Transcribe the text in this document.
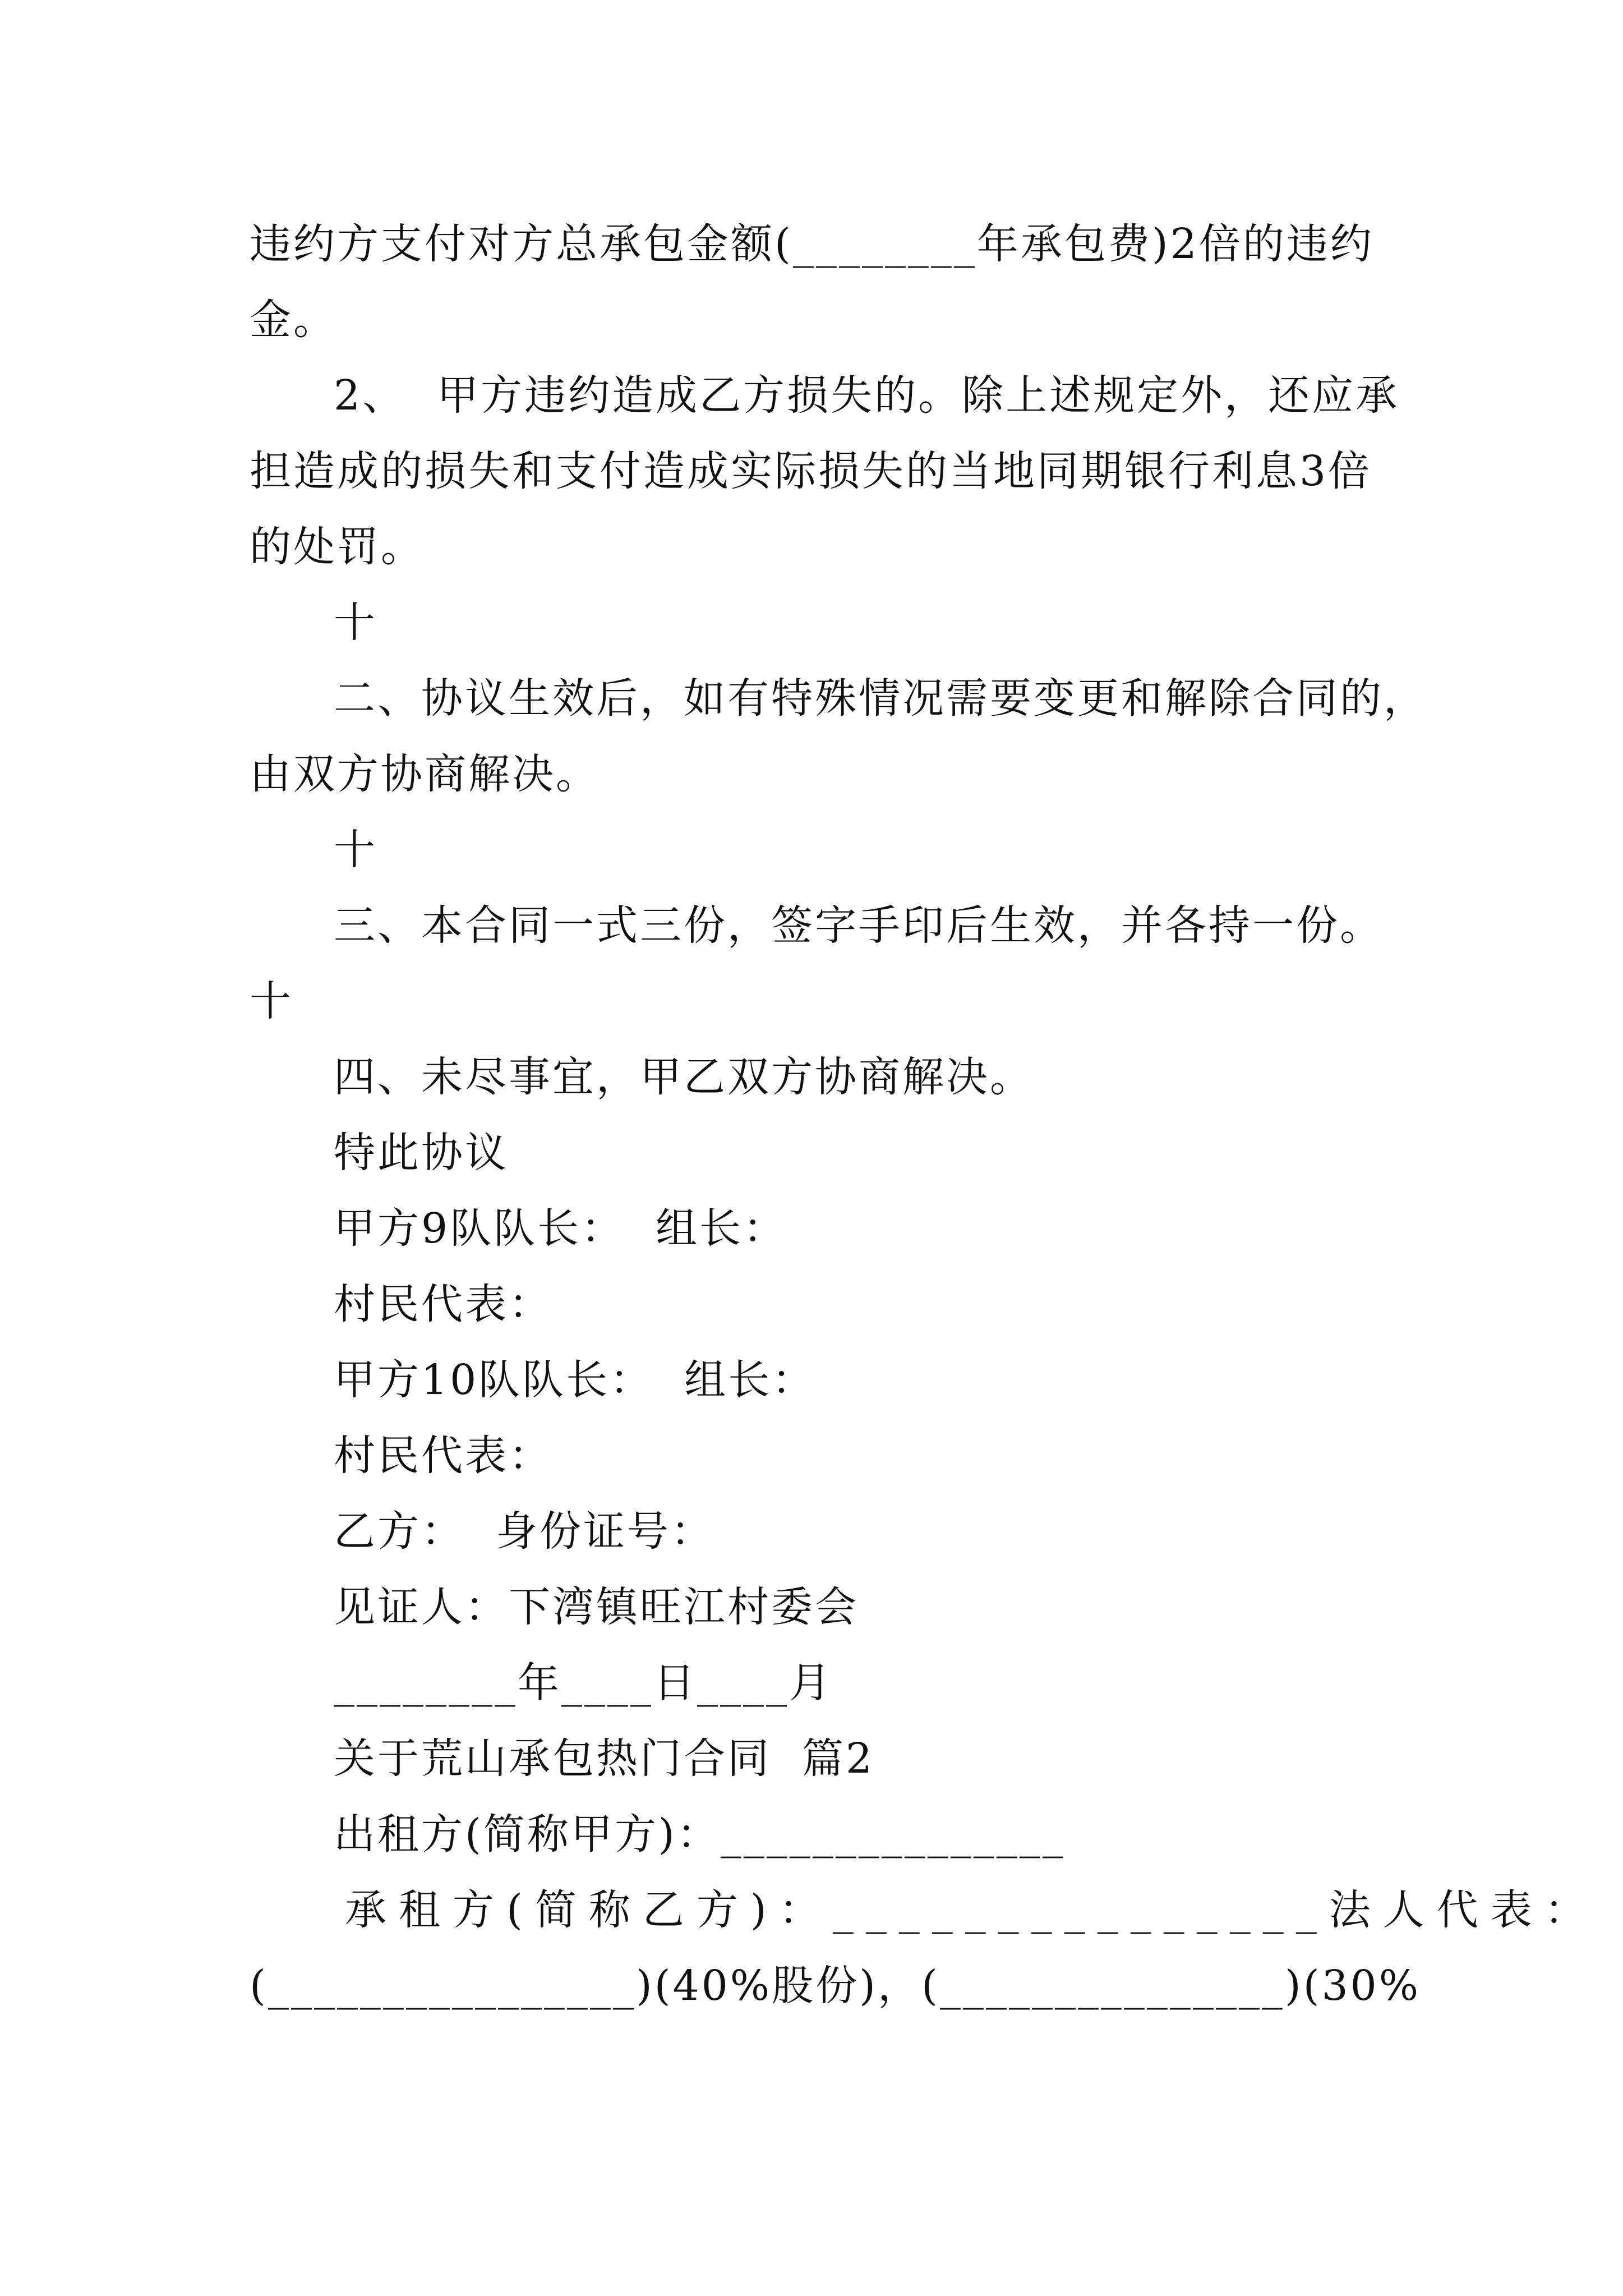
违约方支付对方总承包金额(________年承包费)2倍的违约
金。
2、  甲方违约造成乙方损失的。除上述规定外，还应承
担造成的损失和支付造成实际损失的当地同期银行利息3倍
的处罚。
十
二、协议生效后，如有特殊情况需要变更和解除合同的，
由双方协商解决。
十
三、本合同一式三份，签字手印后生效，并各持一份。
十
四、未尽事宜，甲乙双方协商解决。
特此协议
甲方9队队长：  组长：
村民代表：
甲方10队队长：  组长：
村民代表：
乙方：  身份证号：
见证人：下湾镇旺江村委会
________年____日____月
关于荒山承包热门合同  篇2
出租方(简称甲方)：_______________
承租方(简称乙方)：_______________法人代表：
(________________)(40%股份)，(_______________)(30%
